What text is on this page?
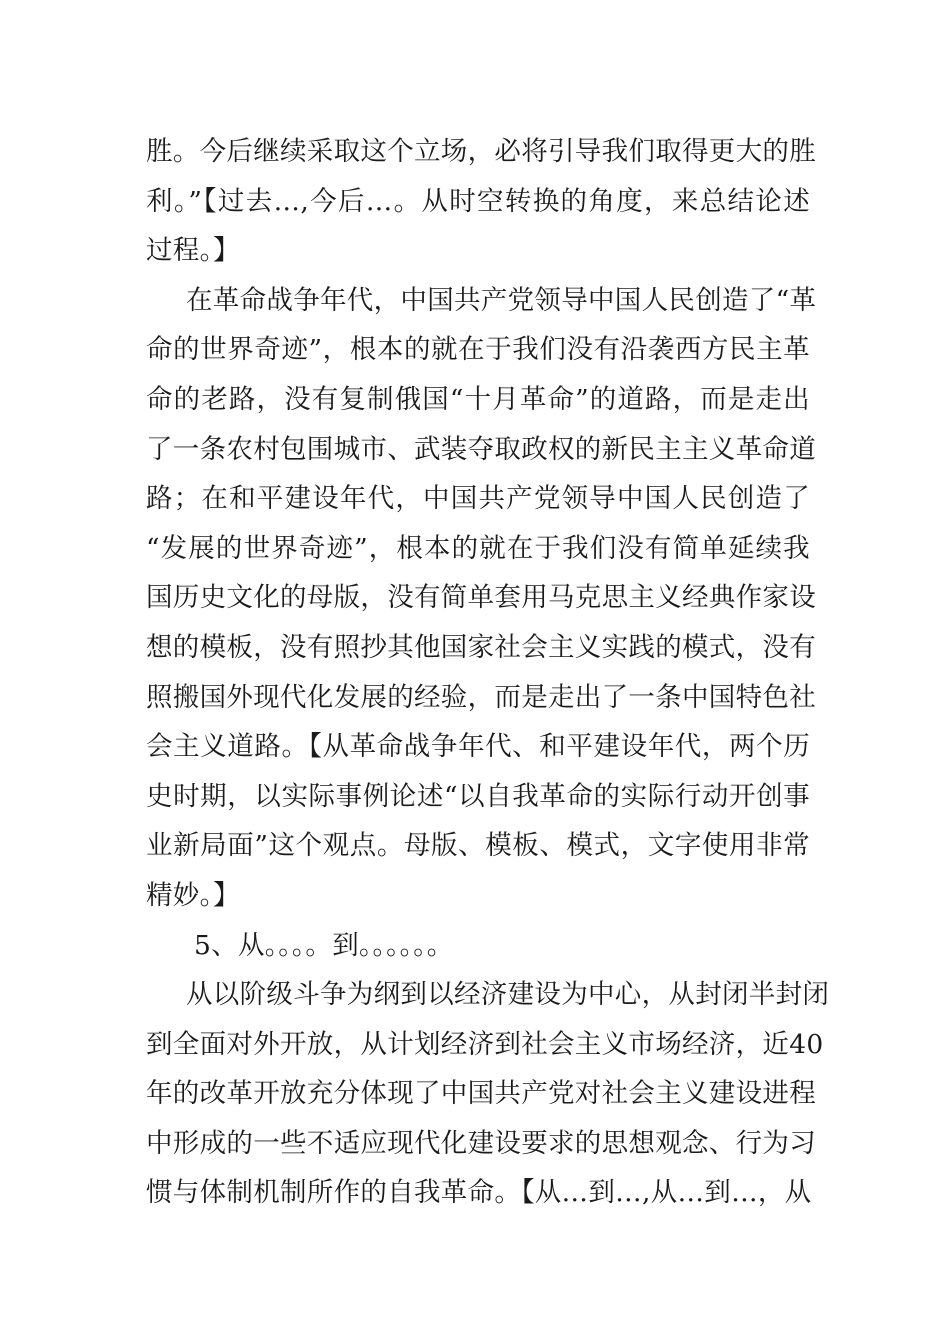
胜。今后继续采取这个立场，必将引导我们取得更大的胜
利。”【过去…,今后…。从时空转换的角度，来总结论述
过程。】
在革命战争年代，中国共产党领导中国人民创造了“革
命的世界奇迹”，根本的就在于我们没有沿袭西方民主革
命的老路，没有复制俄国“十月革命”的道路，而是走出
了一条农村包围城市、武装夺取政权的新民主主义革命道
路；在和平建设年代，中国共产党领导中国人民创造了
“发展的世界奇迹”，根本的就在于我们没有简单延续我
国历史文化的母版，没有简单套用马克思主义经典作家设
想的模板，没有照抄其他国家社会主义实践的模式，没有
照搬国外现代化发展的经验，而是走出了一条中国特色社
会主义道路。【从革命战争年代、和平建设年代，两个历
史时期，以实际事例论述“以自我革命的实际行动开创事
业新局面”这个观点。母版、模板、模式，文字使用非常
精妙。】
5、从。。。。到。。。。。。
从以阶级斗争为纲到以经济建设为中心，从封闭半封闭
到全面对外开放，从计划经济到社会主义市场经济，近40
年的改革开放充分体现了中国共产党对社会主义建设进程
中形成的一些不适应现代化建设要求的思想观念、行为习
惯与体制机制所作的自我革命。【从…到…,从…到…，从
